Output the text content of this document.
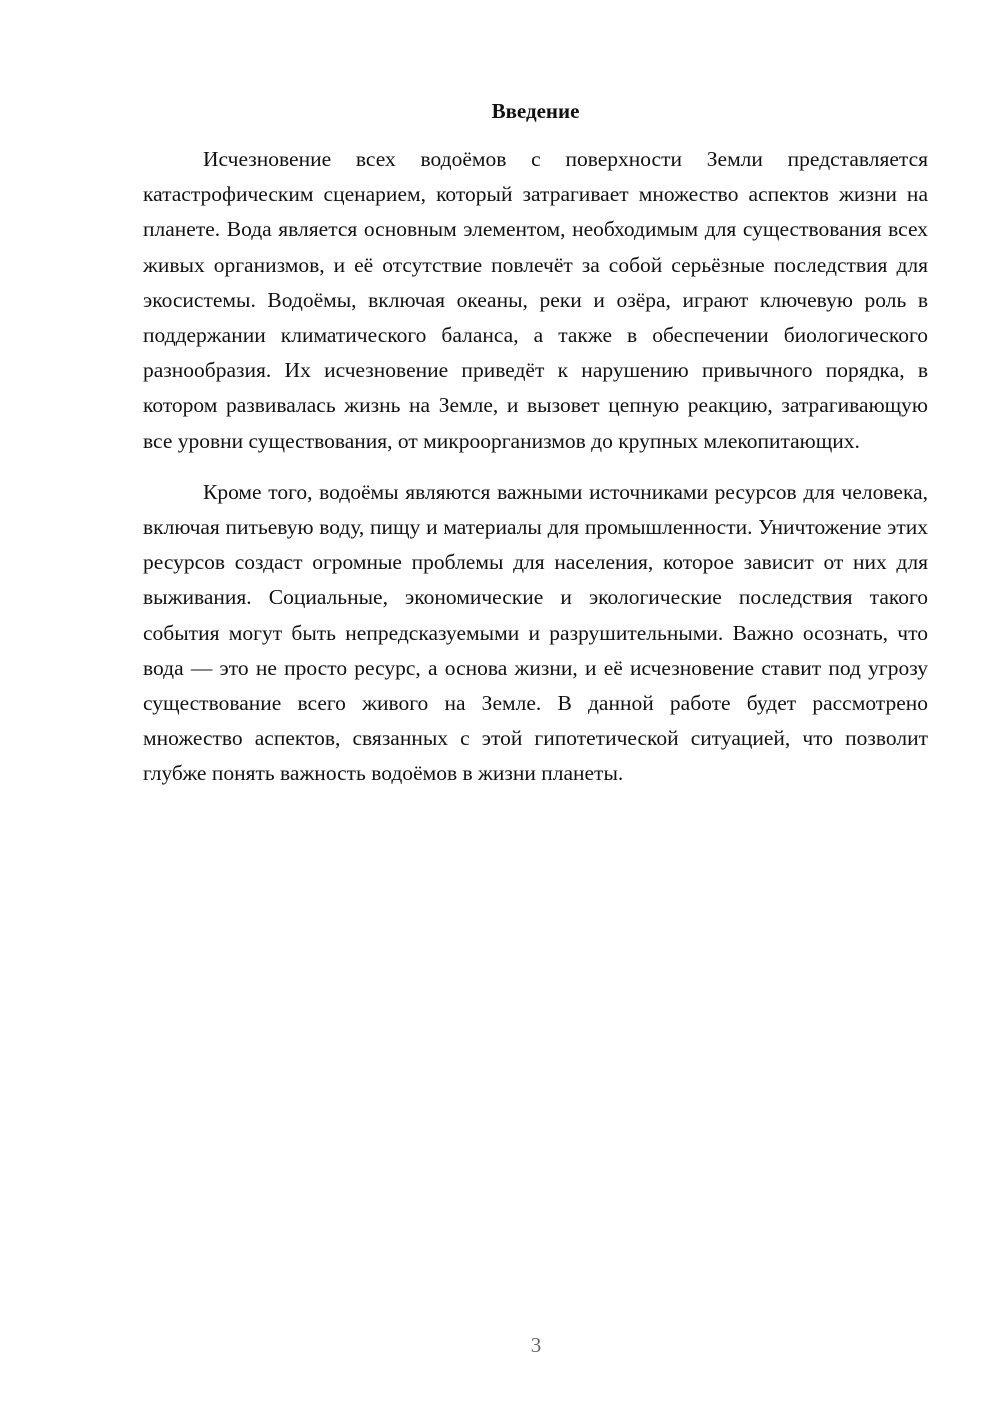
Введение

Исчезновение всех водоёмов с поверхности Земли представляется катастрофическим сценарием, который затрагивает множество аспектов жизни на планете. Вода является основным элементом, необходимым для существования всех живых организмов, и её отсутствие повлечёт за собой серьёзные последствия для экосистемы. Водоёмы, включая океаны, реки и озёра, играют ключевую роль в поддержании климатического баланса, а также в обеспечении биологического разнообразия. Их исчезновение приведёт к нарушению привычного порядка, в котором развивалась жизнь на Земле, и вызовет цепную реакцию, затрагивающую все уровни существования, от микроорганизмов до крупных млекопитающих.

Кроме того, водоёмы являются важными источниками ресурсов для человека, включая питьевую воду, пищу и материалы для промышленности. Уничтожение этих ресурсов создаст огромные проблемы для населения, которое зависит от них для выживания. Социальные, экономические и экологические последствия такого события могут быть непредсказуемыми и разрушительными. Важно осознать, что вода — это не просто ресурс, а основа жизни, и её исчезновение ставит под угрозу существование всего живого на Земле. В данной работе будет рассмотрено множество аспектов, связанных с этой гипотетической ситуацией, что позволит глубже понять важность водоёмов в жизни планеты.

3
